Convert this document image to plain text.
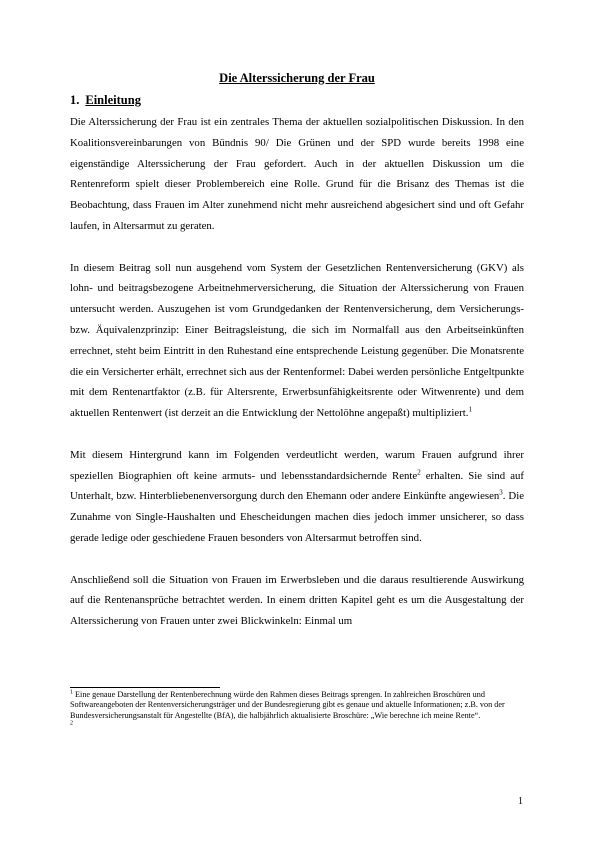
Die Alterssicherung der Frau
1. Einleitung

Die Alterssicherung der Frau ist ein zentrales Thema der aktuellen sozialpolitischen Diskussion. In den Koalitionsvereinbarungen von Bündnis 90/ Die Grünen und der SPD wurde bereits 1998 eine eigenständige Alterssicherung der Frau gefordert. Auch in der aktuellen Diskussion um die Rentenreform spielt dieser Problembereich eine Rolle. Grund für die Brisanz des Themas ist die Beobachtung, dass Frauen im Alter zunehmend nicht mehr ausreichend abgesichert sind und oft Gefahr laufen, in Altersarmut zu geraten.

In diesem Beitrag soll nun ausgehend vom System der Gesetzlichen Rentenversicherung (GKV) als lohn- und beitragsbezogene Arbeitnehmerversicherung, die Situation der Alterssicherung von Frauen untersucht werden. Auszugehen ist vom Grundgedanken der Rentenversicherung, dem Versicherungs- bzw. Äquivalenzprinzip: Einer Beitragsleistung, die sich im Normalfall aus den Arbeitseinkünften errechnet, steht beim Eintritt in den Ruhestand eine entsprechende Leistung gegenüber. Die Monatsrente die ein Versicherter erhält, errechnet sich aus der Rentenformel: Dabei werden persönliche Entgeltpunkte mit dem Rentenartfaktor (z.B. für Altersrente, Erwerbsunfähigkeitsrente oder Witwenrente) und dem aktuellen Rentenwert (ist derzeit an die Entwicklung der Nettolöhne angepaßt) multipliziert.$^1$

Mit diesem Hintergrund kann im Folgenden verdeutlicht werden, warum Frauen aufgrund ihrer speziellen Biographien oft keine armuts- und lebensstandardsichernde Rente$^2$ erhalten. Sie sind auf Unterhalt, bzw. Hinterbliebenenversorgung durch den Ehemann oder andere Einkünfte angewiesen$^3$. Die Zunahme von Single-Haushalten und Ehescheidungen machen dies jedoch immer unsicherer, so dass gerade ledige oder geschiedene Frauen besonders von Altersarmut betroffen sind.

Anschließend soll die Situation von Frauen im Erwerbsleben und die daraus resultierende Auswirkung auf die Rentenansprüche betrachtet werden. In einem dritten Kapitel geht es um die Ausgestaltung der Alterssicherung von Frauen unter zwei Blickwinkeln: Einmal um

$^1$ Eine genaue Darstellung der Rentenberechnung würde den Rahmen dieses Beitrags sprengen. In zahlreichen Broschüren und Softwareangeboten der Rentenversicherungsträger und der Bundesregierung gibt es genaue und aktuelle Informationen; z.B. von der Bundesversicherungsanstalt für Angestellte (BfA), die halbjährlich aktualisierte Broschüre: „Wie berechne ich meine Rente“.

$^2$

1
